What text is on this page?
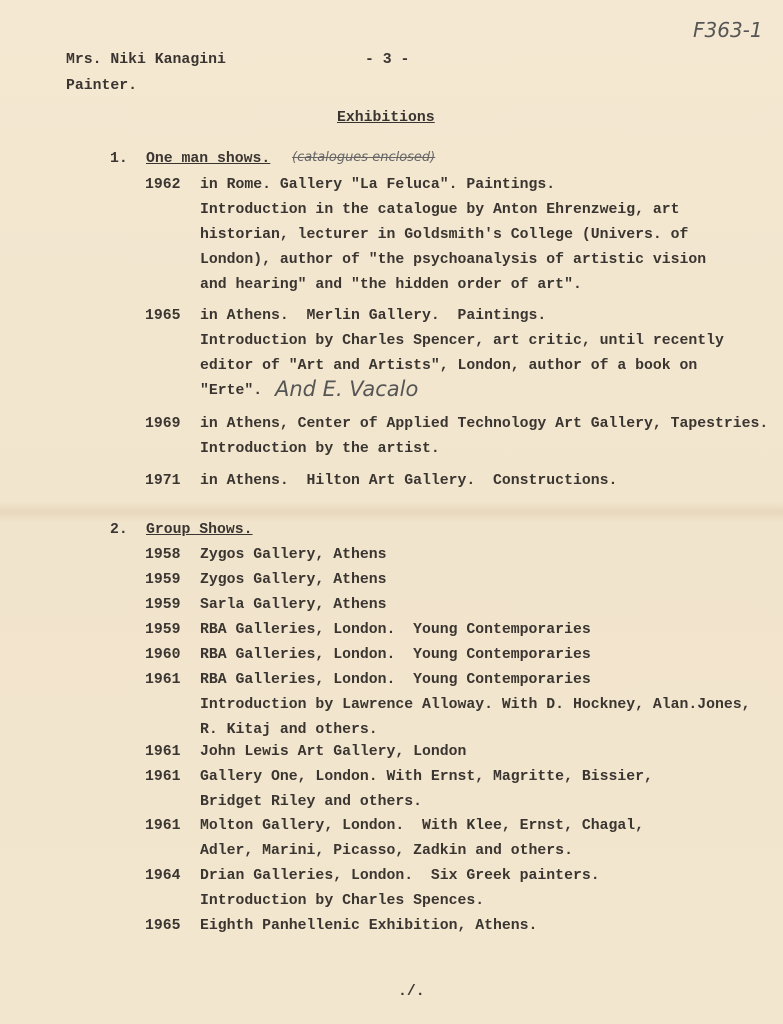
F363-1
Mrs. Niki Kanagini	- 3 -
Painter.
Exhibitions
1. One man shows. (catalogues enclosed)
1962 in Rome. Gallery "La Feluca". Paintings.
Introduction in the catalogue by Anton Ehrenzweig, art
historian, lecturer in Goldsmith's College (Univers. of
London), author of "the psychoanalysis of artistic vision
and hearing" and "the hidden order of art".
1965 in Athens.  Merlin Gallery.  Paintings.
Introduction by Charles Spencer, art critic, until recently
editor of "Art and Artists", London, author of a book on
"Erte". And E. Vacalo
1969 in Athens, Center of Applied Technology Art Gallery, Tapestries.
Introduction by the artist.
1971 in Athens.  Hilton Art Gallery.  Constructions.
2. Group Shows.
1958 Zygos Gallery, Athens
1959 Zygos Gallery, Athens
1959 Sarla Gallery, Athens
1959 RBA Galleries, London.  Young Contemporaries
1960 RBA Galleries, London.  Young Contemporaries
1961 RBA Galleries, London.  Young Contemporaries
Introduction by Lawrence Alloway. With D. Hockney, Alan.Jones,
R. Kitaj and others.
1961 John Lewis Art Gallery, London
1961 Gallery One, London. With Ernst, Magritte, Bissier,
Bridget Riley and others.
1961 Molton Gallery, London.  With Klee, Ernst, Chagal,
Adler, Marini, Picasso, Zadkin and others.
1964 Drian Galleries, London.  Six Greek painters.
Introduction by Charles Spences.
1965 Eighth Panhellenic Exhibition, Athens.
./.
